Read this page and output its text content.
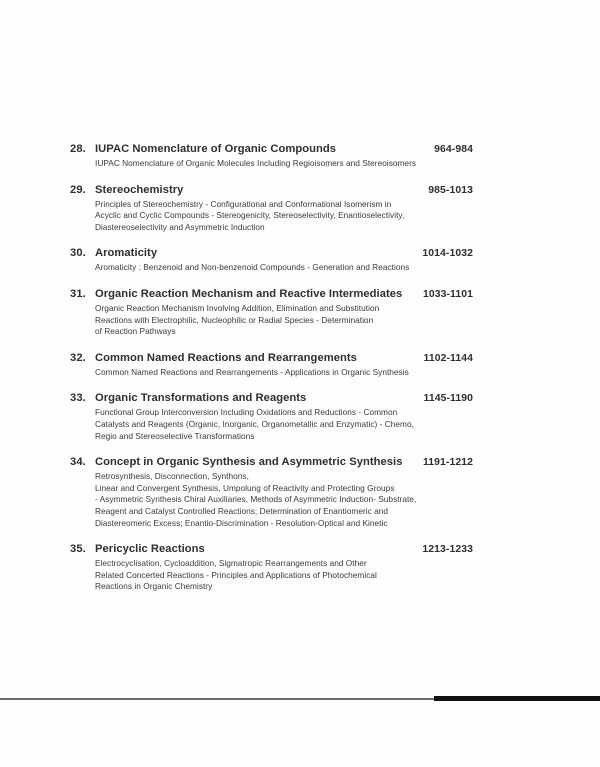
28. IUPAC Nomenclature of Organic Compounds	964-984
IUPAC Nomenclature of Organic Molecules Including Regioisomers and Stereoisomers
29. Stereochemistry	985-1013
Principles of Stereochemistry - Configurational and Conformational Isomerism in
Acyclic and Cyclic Compounds - Stereogenicity, Stereoselectivity, Enantioselectivity,
Diastereoselectivity and Asymmetric Induction
30. Aromaticity	1014-1032
Aromaticity : Benzenoid and Non-benzenoid Compounds - Generation and Reactions
31. Organic Reaction Mechanism and Reactive Intermediates	1033-1101
Organic Reaction Mechanism Involving Addition, Elimination and Substitution
Reactions with Electrophilic, Nucleophilic or Radial Species - Determination
of Reaction Pathways
32. Common Named Reactions and Rearrangements	1102-1144
Common Named Reactions and Rearrangements - Applications in Organic Synthesis
33. Organic Transformations and Reagents	1145-1190
Functional Group Interconversion Including Oxidations and Reductions - Common
Catalysts and Reagents (Organic, Inorganic, Organometallic and Enzymatic) - Chemo,
Regio and Stereoselective Transformations
34. Concept in Organic Synthesis and Asymmetric Synthesis	1191-1212
Retrosynthesis, Disconnection, Synthons,
Linear and Convergent Synthesis, Umpolung of Reactivity and Protecting Groups
- Asymmetric Synthesis Chiral Auxiliaries, Methods of Asymmetric Induction- Substrate,
Reagent and Catalyst Controlled Reactions; Determination of Enantiomeric and
Diastereomeric Excess; Enantio-Discrimination - Resolution-Optical and Kinetic
35. Pericyclic Reactions	1213-1233
Electrocyclisation, Cycloaddition, Sigmatropic Rearrangements and Other
Related Concerted Reactions - Principles and Applications of Photochemical
Reactions in Organic Chemistry
